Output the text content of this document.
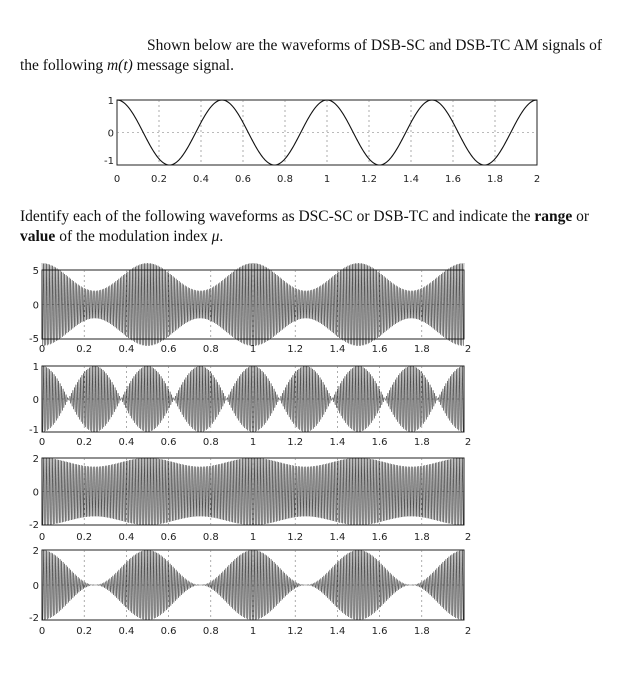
Shown below are the waveforms of DSB-SC and DSB-TC AM signals of the following m(t) message signal.
Identify each of the following waveforms as DSC-SC or DSB-TC and indicate the range or value of the modulation index μ.
0	0.2	0.4	0.6	0.8	1	1.2	1.4	1.6	1.8	2
1
0
-1
0	0.2	0.4	0.6	0.8	1	1.2	1.4	1.6	1.8	2
5
0
-5
0	0.2	0.4	0.6	0.8	1	1.2	1.4	1.6	1.8	2
1
0
-1
0	0.2	0.4	0.6	0.8	1	1.2	1.4	1.6	1.8	2
2
0
-2
0	0.2	0.4	0.6	0.8	1	1.2	1.4	1.6	1.8	2
2
0
-2
